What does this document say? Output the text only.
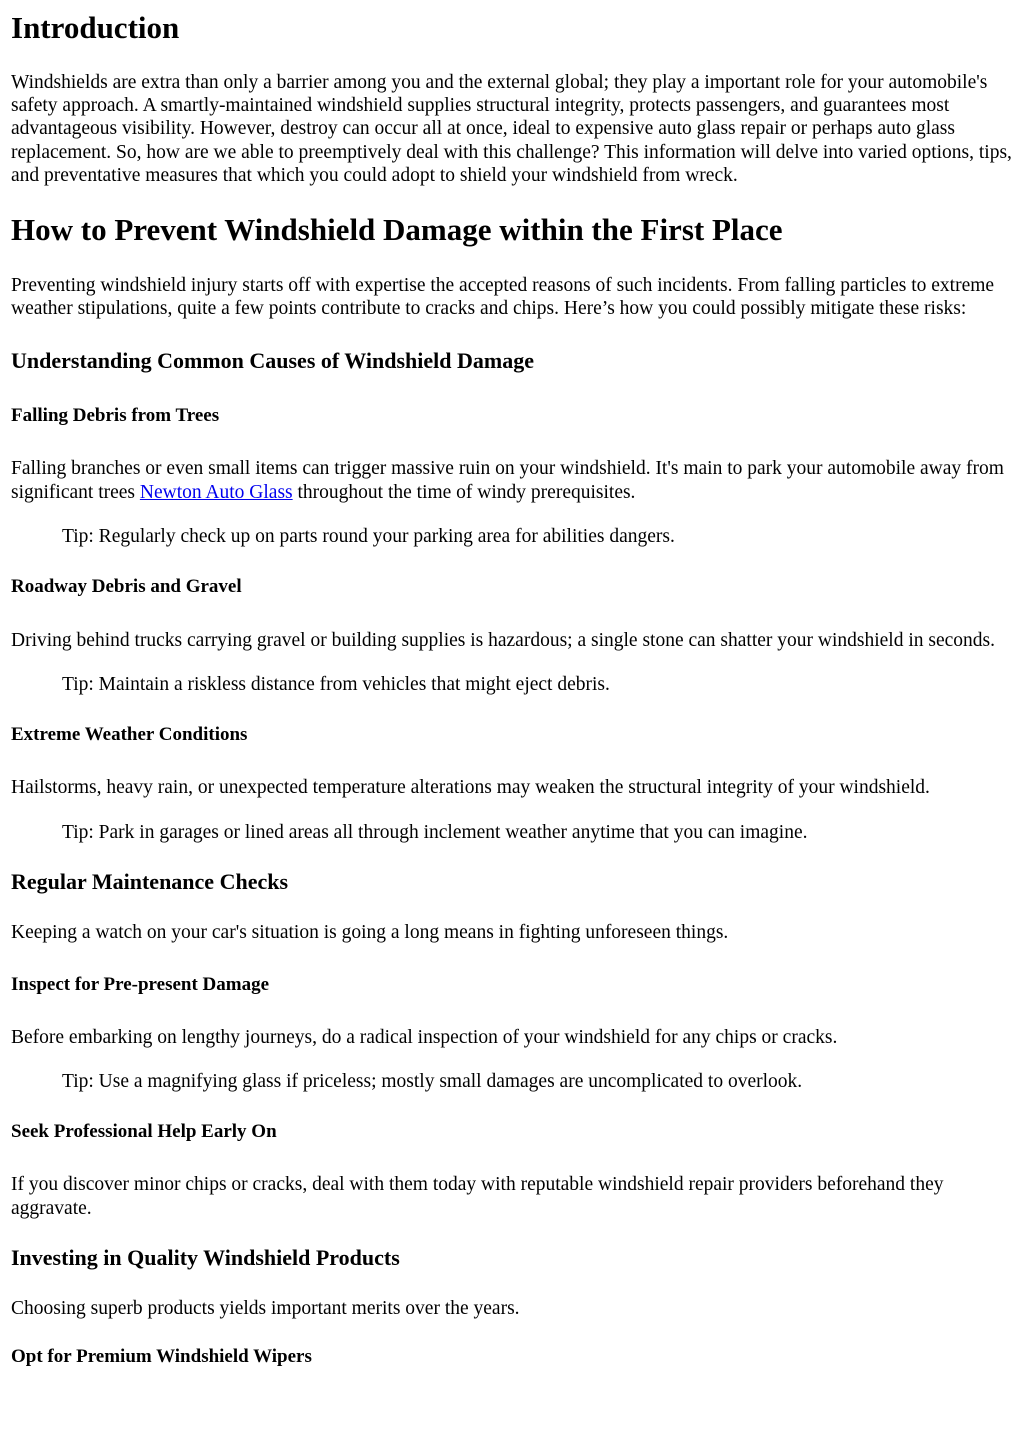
Introduction

Windshields are extra than only a barrier among you and the external global; they play a important role for your automobile's safety approach. A smartly-maintained windshield supplies structural integrity, protects passengers, and guarantees most advantageous visibility. However, destroy can occur all at once, ideal to expensive auto glass repair or perhaps auto glass replacement. So, how are we able to preemptively deal with this challenge? This information will delve into varied options, tips, and preventative measures that which you could adopt to shield your windshield from wreck.

How to Prevent Windshield Damage within the First Place

Preventing windshield injury starts off with expertise the accepted reasons of such incidents. From falling particles to extreme weather stipulations, quite a few points contribute to cracks and chips. Here’s how you could possibly mitigate these risks:

Understanding Common Causes of Windshield Damage
Falling Debris from Trees

Falling branches or even small items can trigger massive ruin on your windshield. It's main to park your automobile away from significant trees Newton Auto Glass throughout the time of windy prerequisites.

Tip: Regularly check up on parts round your parking area for abilities dangers.

Roadway Debris and Gravel

Driving behind trucks carrying gravel or building supplies is hazardous; a single stone can shatter your windshield in seconds.

Tip: Maintain a riskless distance from vehicles that might eject debris.

Extreme Weather Conditions

Hailstorms, heavy rain, or unexpected temperature alterations may weaken the structural integrity of your windshield.

Tip: Park in garages or lined areas all through inclement weather anytime that you can imagine.

Regular Maintenance Checks

Keeping a watch on your car's situation is going a long means in fighting unforeseen things.

Inspect for Pre-present Damage

Before embarking on lengthy journeys, do a radical inspection of your windshield for any chips or cracks.

Tip: Use a magnifying glass if priceless; mostly small damages are uncomplicated to overlook.

Seek Professional Help Early On

If you discover minor chips or cracks, deal with them today with reputable windshield repair providers beforehand they aggravate.

Investing in Quality Windshield Products

Choosing superb products yields important merits over the years.

Opt for Premium Windshield Wipers
